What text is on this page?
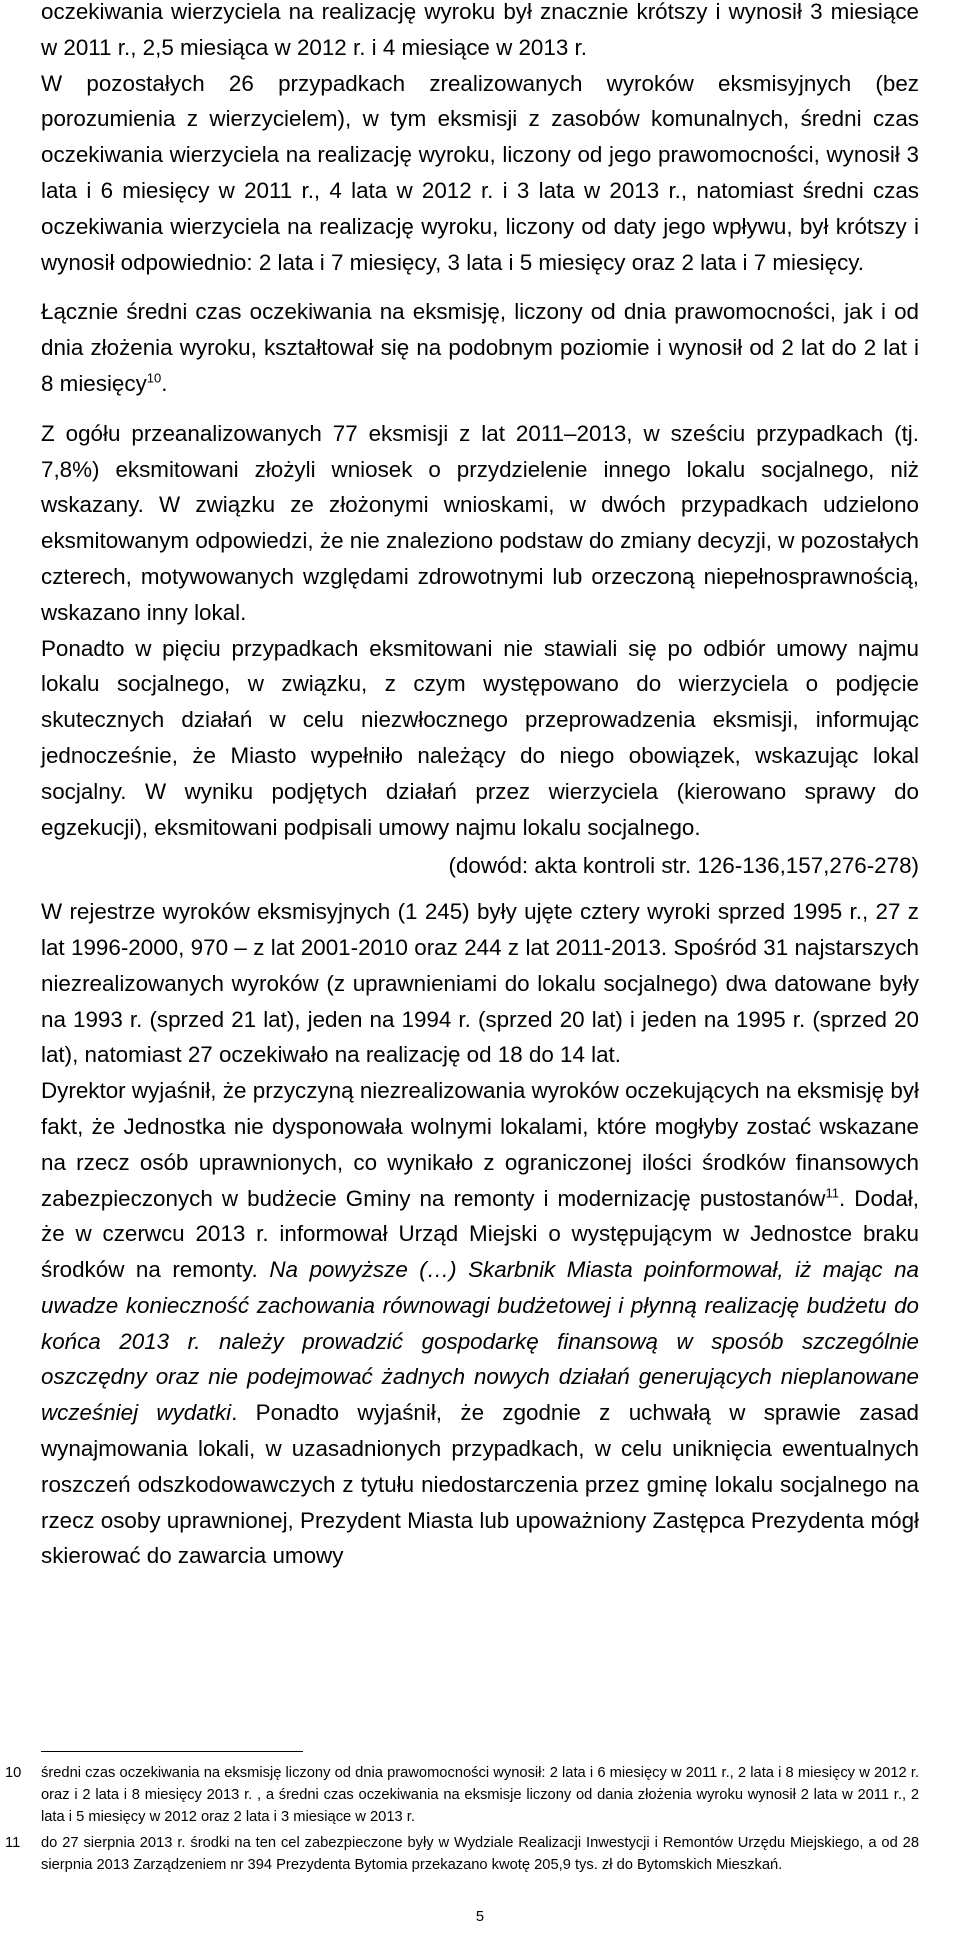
oczekiwania wierzyciela na realizację wyroku był znacznie krótszy i wynosił 3 miesiące w 2011 r., 2,5 miesiąca w 2012 r. i 4 miesiące w 2013 r.

W pozostałych 26 przypadkach zrealizowanych wyroków eksmisyjnych (bez porozumienia z wierzycielem), w tym eksmisji z zasobów komunalnych, średni czas oczekiwania wierzyciela na realizację wyroku, liczony od jego prawomocności, wynosił 3 lata i 6 miesięcy w 2011 r., 4 lata w 2012 r. i 3 lata w 2013 r., natomiast średni czas oczekiwania wierzyciela na realizację wyroku, liczony od daty jego wpływu, był krótszy i wynosił odpowiednio: 2 lata i 7 miesięcy, 3 lata i 5 miesięcy oraz 2 lata i 7 miesięcy.

Łącznie średni czas oczekiwania na eksmisję, liczony od dnia prawomocności, jak i od dnia złożenia wyroku, kształtował się na podobnym poziomie i wynosił od 2 lat do 2 lat i 8 miesięcy$^{10}$.

Z ogółu przeanalizowanych 77 eksmisji z lat 2011–2013, w sześciu przypadkach (tj. 7,8%) eksmitowani złożyli wniosek o przydzielenie innego lokalu socjalnego, niż wskazany. W związku ze złożonymi wnioskami, w dwóch przypadkach udzielono eksmitowanym odpowiedzi, że nie znaleziono podstaw do zmiany decyzji, w pozostałych czterech, motywowanych względami zdrowotnymi lub orzeczoną niepełnosprawnością, wskazano inny lokal.

Ponadto w pięciu przypadkach eksmitowani nie stawiali się po odbiór umowy najmu lokalu socjalnego, w związku, z czym występowano do wierzyciela o podjęcie skutecznych działań w celu niezwłocznego przeprowadzenia eksmisji, informując jednocześnie, że Miasto wypełniło należący do niego obowiązek, wskazując lokal socjalny. W wyniku podjętych działań przez wierzyciela (kierowano sprawy do egzekucji), eksmitowani podpisali umowy najmu lokalu socjalnego.

(dowód: akta kontroli str. 126-136,157,276-278)

W rejestrze wyroków eksmisyjnych (1 245) były ujęte cztery wyroki sprzed 1995 r., 27 z lat 1996-2000, 970 – z lat 2001-2010 oraz 244 z lat 2011-2013. Spośród 31 najstarszych niezrealizowanych wyroków (z uprawnieniami do lokalu socjalnego) dwa datowane były na 1993 r. (sprzed 21 lat), jeden na 1994 r. (sprzed 20 lat) i jeden na 1995 r. (sprzed 20 lat), natomiast 27 oczekiwało na realizację od 18 do 14 lat.

Dyrektor wyjaśnił, że przyczyną niezrealizowania wyroków oczekujących na eksmisję był fakt, że Jednostka nie dysponowała wolnymi lokalami, które mogłyby zostać wskazane na rzecz osób uprawnionych, co wynikało z ograniczonej ilości środków finansowych zabezpieczonych w budżecie Gminy na remonty i modernizację pustostanów$^{11}$. Dodał, że w czerwcu 2013 r. informował Urząd Miejski o występującym w Jednostce braku środków na remonty. Na powyższe (…) Skarbnik Miasta poinformował, iż mając na uwadze konieczność zachowania równowagi budżetowej i płynną realizację budżetu do końca 2013 r. należy prowadzić gospodarkę finansową w sposób szczególnie oszczędny oraz nie podejmować żadnych nowych działań generujących nieplanowane wcześniej wydatki. Ponadto wyjaśnił, że zgodnie z uchwałą w sprawie zasad wynajmowania lokali, w uzasadnionych przypadkach, w celu uniknięcia ewentualnych roszczeń odszkodowawczych z tytułu niedostarczenia przez gminę lokalu socjalnego na rzecz osoby uprawnionej, Prezydent Miasta lub upoważniony Zastępca Prezydenta mógł skierować do zawarcia umowy

10 średni czas oczekiwania na eksmisję liczony od dnia prawomocności wynosił: 2 lata i 6 miesięcy w 2011 r., 2 lata i 8 miesięcy w 2012 r. oraz i 2 lata i 8 miesięcy 2013 r. , a średni czas oczekiwania na eksmisje liczony od dania złożenia wyroku wynosił 2 lata w 2011 r., 2 lata i 5 miesięcy w 2012 oraz 2 lata i 3 miesiące w 2013 r.
11 do 27 sierpnia 2013 r. środki na ten cel zabezpieczone były w Wydziale Realizacji Inwestycji i Remontów Urzędu Miejskiego, a od 28 sierpnia 2013 Zarządzeniem nr 394 Prezydenta Bytomia przekazano kwotę 205,9 tys. zł do Bytomskich Mieszkań.
5
